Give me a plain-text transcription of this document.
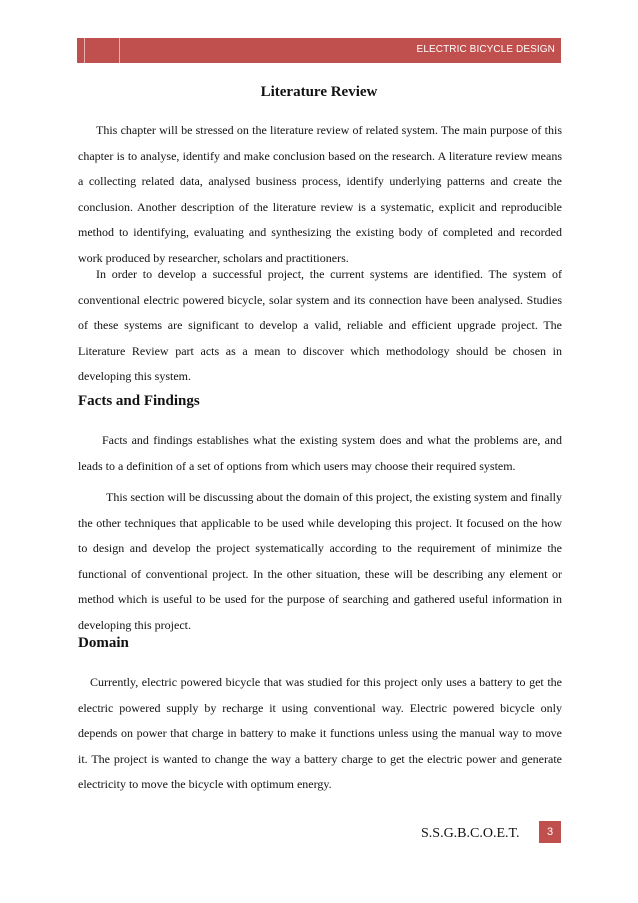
ELECTRIC BICYCLE DESIGN
Literature Review

This chapter will be stressed on the literature review of related system. The main purpose of this chapter is to analyse, identify and make conclusion based on the research. A literature review means a collecting related data, analysed business process, identify underlying patterns and create the conclusion. Another description of the literature review is a systematic, explicit and reproducible method to identifying, evaluating and synthesizing the existing body of completed and recorded work produced by researcher, scholars and practitioners.

In order to develop a successful project, the current systems are identified. The system of conventional electric powered bicycle, solar system and its connection have been analysed. Studies of these systems are significant to develop a valid, reliable and efficient upgrade project. The Literature Review part acts as a mean to discover which methodology should be chosen in developing this system.

Facts and Findings

Facts and findings establishes what the existing system does and what the problems are, and leads to a definition of a set of options from which users may choose their required system.

This section will be discussing about the domain of this project, the existing system and finally the other techniques that applicable to be used while developing this project. It focused on the how to design and develop the project systematically according to the requirement of minimize the functional of conventional project. In the other situation, these will be describing any element or method which is useful to be used for the purpose of searching and gathered useful information in developing this project.

Domain

Currently, electric powered bicycle that was studied for this project only uses a battery to get the electric powered supply by recharge it using conventional way. Electric powered bicycle only depends on power that charge in battery to make it functions unless using the manual way to move it. The project is wanted to change the way a battery charge to get the electric power and generate electricity to move the bicycle with optimum energy.

S.S.G.B.C.O.E.T.	3
